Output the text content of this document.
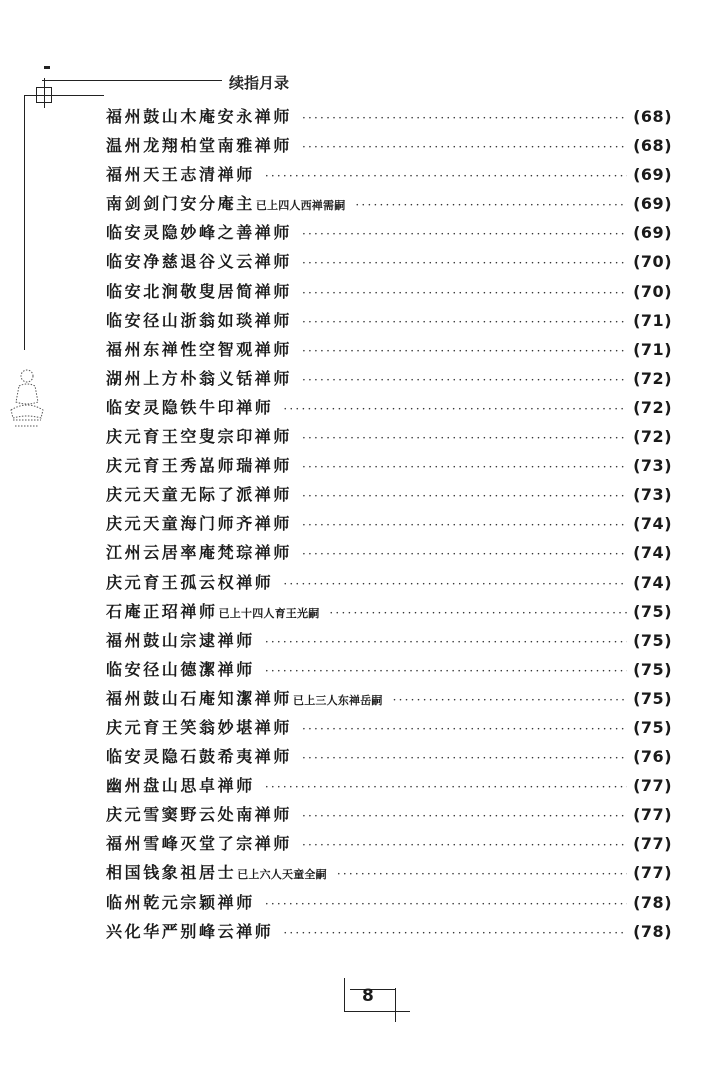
续指月录
福州鼓山木庵安永禅师 ·····	(68)
温州龙翔柏堂南雅禅师 ·····	(68)
福州天王志清禅师 ·····	(69)
南剑剑门安分庵主 已上四人西禅需嗣 ·····	(69)
临安灵隐妙峰之善禅师 ·····	(69)
临安净慈退谷义云禅师 ·····	(70)
临安北涧敬叟居简禅师 ·····	(70)
临安径山浙翁如琰禅师 ·····	(71)
福州东禅性空智观禅师 ·····	(71)
湖州上方朴翁义铦禅师 ·····	(72)
临安灵隐铁牛印禅师 ·····	(72)
庆元育王空叟宗印禅师 ·····	(72)
庆元育王秀嵓师瑞禅师 ·····	(73)
庆元天童无际了派禅师 ·····	(73)
庆元天童海门师齐禅师 ·····	(74)
江州云居率庵梵琮禅师 ·····	(74)
庆元育王孤云权禅师 ·····	(74)
石庵正玿禅师 已上十四人育王光嗣 ·····	(75)
福州鼓山宗逮禅师 ·····	(75)
临安径山德潔禅师 ·····	(75)
福州鼓山石庵知潔禅师 已上三人东禅岳嗣 ·····	(75)
庆元育王笑翁妙堪禅师 ·····	(75)
临安灵隐石鼓希夷禅师 ·····	(76)
幽州盘山思卓禅师 ·····	(77)
庆元雪窦野云处南禅师 ·····	(77)
福州雪峰灭堂了宗禅师 ·····	(77)
相国钱象祖居士 已上六人天童全嗣 ·····	(77)
临州乾元宗颖禅师 ·····	(78)
兴化华严别峰云禅师 ·····	(78)
8
